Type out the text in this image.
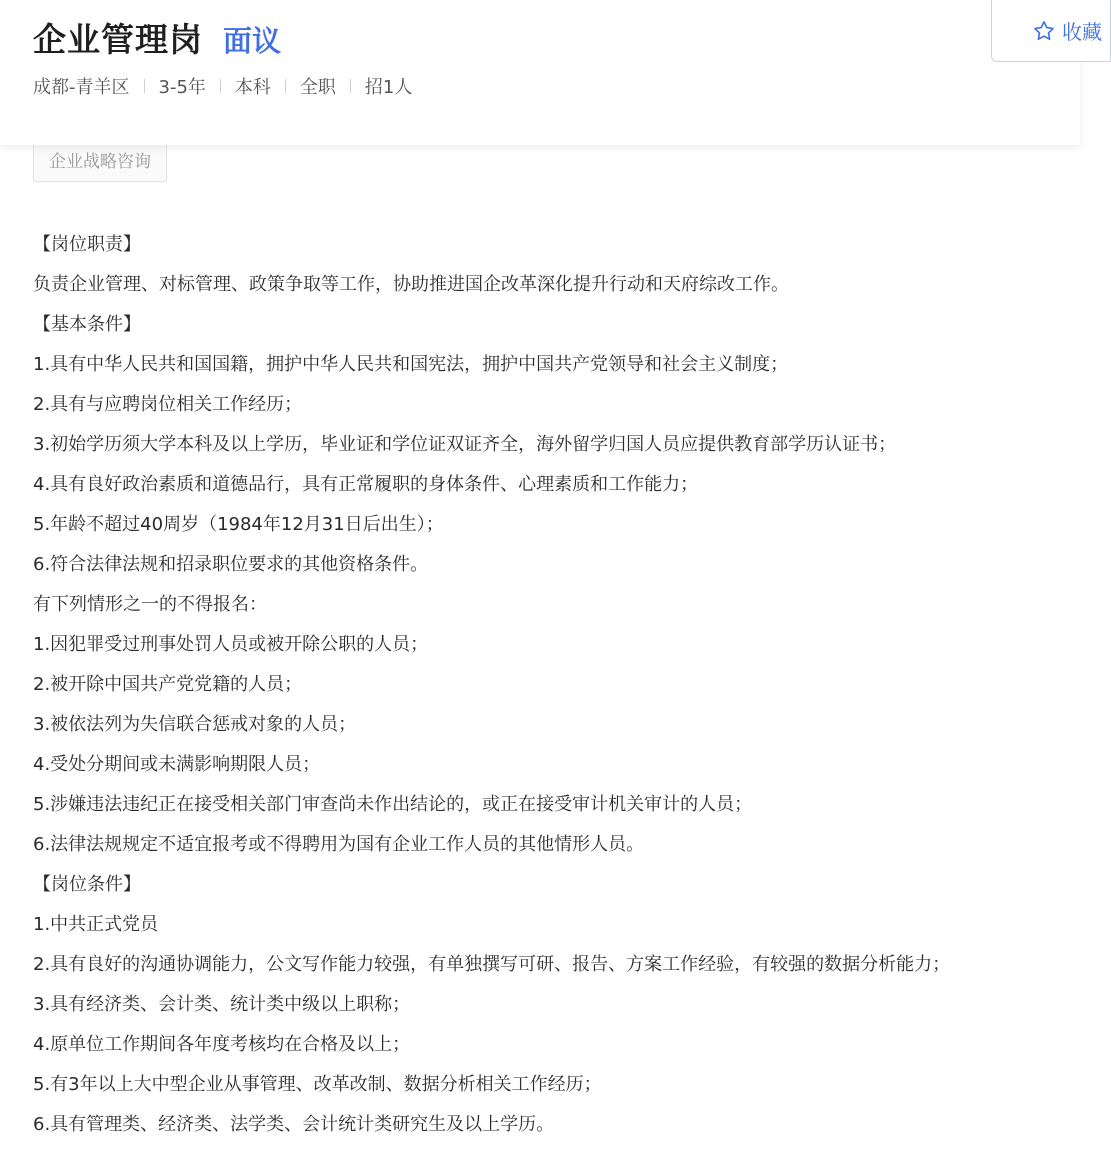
企业管理岗 面议
成都-青羊区 3-5年 本科 全职 招1人
收藏
企业战略咨询
【岗位职责】
负责企业管理、对标管理、政策争取等工作，协助推进国企改革深化提升行动和天府综改工作。
【基本条件】
1.具有中华人民共和国国籍，拥护中华人民共和国宪法，拥护中国共产党领导和社会主义制度；
2.具有与应聘岗位相关工作经历；
3.初始学历须大学本科及以上学历，毕业证和学位证双证齐全，海外留学归国人员应提供教育部学历认证书；
4.具有良好政治素质和道德品行，具有正常履职的身体条件、心理素质和工作能力；
5.年龄不超过40周岁（1984年12月31日后出生）；
6.符合法律法规和招录职位要求的其他资格条件。
有下列情形之一的不得报名：
1.因犯罪受过刑事处罚人员或被开除公职的人员；
2.被开除中国共产党党籍的人员；
3.被依法列为失信联合惩戒对象的人员；
4.受处分期间或未满影响期限人员；
5.涉嫌违法违纪正在接受相关部门审查尚未作出结论的，或正在接受审计机关审计的人员；
6.法律法规规定不适宜报考或不得聘用为国有企业工作人员的其他情形人员。
【岗位条件】
1.中共正式党员
2.具有良好的沟通协调能力，公文写作能力较强，有单独撰写可研、报告、方案工作经验，有较强的数据分析能力；
3.具有经济类、会计类、统计类中级以上职称；
4.原单位工作期间各年度考核均在合格及以上；
5.有3年以上大中型企业从事管理、改革改制、数据分析相关工作经历；
6.具有管理类、经济类、法学类、会计统计类研究生及以上学历。
